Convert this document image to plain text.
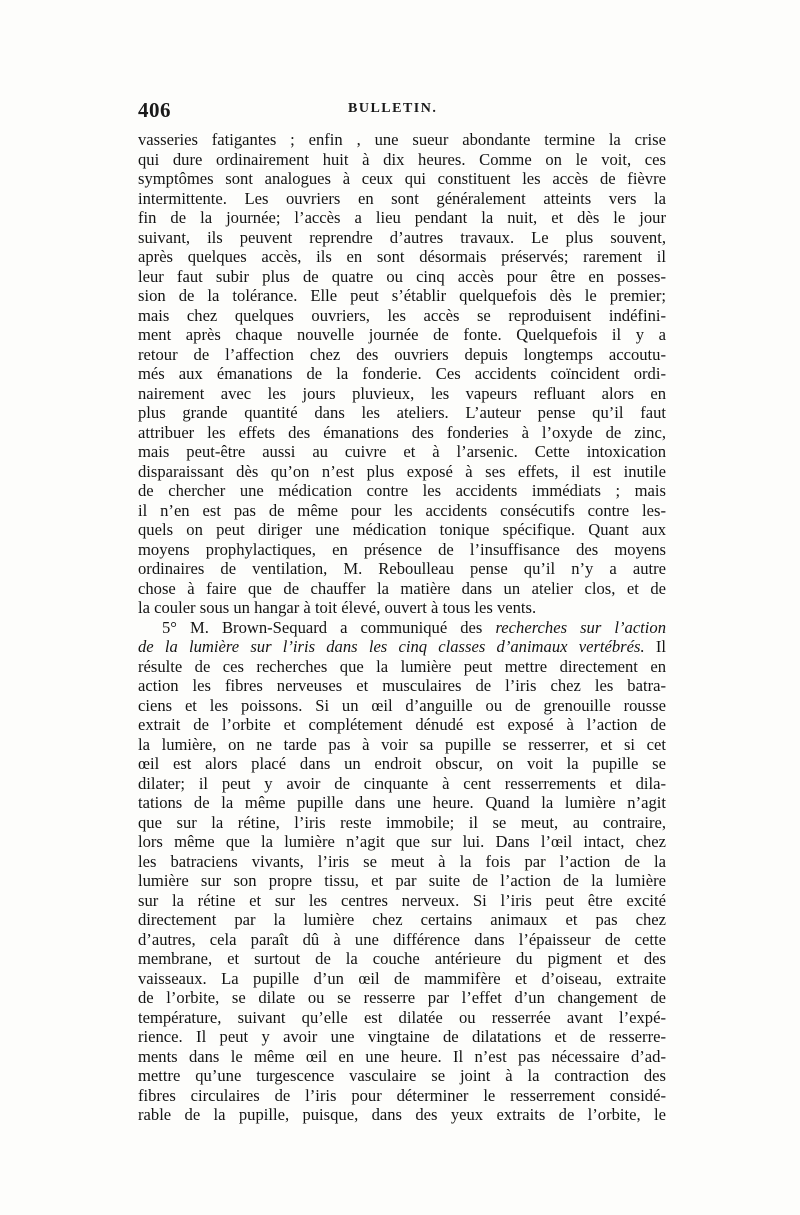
406	BULLETIN.
vasseries fatigantes ; enfin , une sueur abondante termine la crise
qui dure ordinairement huit à dix heures. Comme on le voit, ces
symptômes sont analogues à ceux qui constituent les accès de fièvre
intermittente. Les ouvriers en sont généralement atteints vers la
fin de la journée; l’accès a lieu pendant la nuit, et dès le jour
suivant, ils peuvent reprendre d’autres travaux. Le plus souvent,
après quelques accès, ils en sont désormais préservés; rarement il
leur faut subir plus de quatre ou cinq accès pour être en posses-
sion de la tolérance. Elle peut s’établir quelquefois dès le premier;
mais chez quelques ouvriers, les accès se reproduisent indéfini-
ment après chaque nouvelle journée de fonte. Quelquefois il y a
retour de l’affection chez des ouvriers depuis longtemps accoutu-
més aux émanations de la fonderie. Ces accidents coïncident ordi-
nairement avec les jours pluvieux, les vapeurs refluant alors en
plus grande quantité dans les ateliers. L’auteur pense qu’il faut
attribuer les effets des émanations des fonderies à l’oxyde de zinc,
mais peut-être aussi au cuivre et à l’arsenic. Cette intoxication
disparaissant dès qu’on n’est plus exposé à ses effets, il est inutile
de chercher une médication contre les accidents immédiats ; mais
il n’en est pas de même pour les accidents consécutifs contre les-
quels on peut diriger une médication tonique spécifique. Quant aux
moyens prophylactiques, en présence de l’insuffisance des moyens
ordinaires de ventilation, M. Reboulleau pense qu’il n’y a autre
chose à faire que de chauffer la matière dans un atelier clos, et de
la couler sous un hangar à toit élevé, ouvert à tous les vents.
5° M. Brown-Sequard a communiqué des recherches sur l’action
de la lumière sur l’iris dans les cinq classes d’animaux vertébrés. Il
résulte de ces recherches que la lumière peut mettre directement en
action les fibres nerveuses et musculaires de l’iris chez les batra-
ciens et les poissons. Si un œil d’anguille ou de grenouille rousse
extrait de l’orbite et complétement dénudé est exposé à l’action de
la lumière, on ne tarde pas à voir sa pupille se resserrer, et si cet
œil est alors placé dans un endroit obscur, on voit la pupille se
dilater; il peut y avoir de cinquante à cent resserrements et dila-
tations de la même pupille dans une heure. Quand la lumière n’agit
que sur la rétine, l’iris reste immobile; il se meut, au contraire,
lors même que la lumière n’agit que sur lui. Dans l’œil intact, chez
les batraciens vivants, l’iris se meut à la fois par l’action de la
lumière sur son propre tissu, et par suite de l’action de la lumière
sur la rétine et sur les centres nerveux. Si l’iris peut être excité
directement par la lumière chez certains animaux et pas chez
d’autres, cela paraît dû à une différence dans l’épaisseur de cette
membrane, et surtout de la couche antérieure du pigment et des
vaisseaux. La pupille d’un œil de mammifère et d’oiseau, extraite
de l’orbite, se dilate ou se resserre par l’effet d’un changement de
température, suivant qu’elle est dilatée ou resserrée avant l’expé-
rience. Il peut y avoir une vingtaine de dilatations et de resserre-
ments dans le même œil en une heure. Il n’est pas nécessaire d’ad-
mettre qu’une turgescence vasculaire se joint à la contraction des
fibres circulaires de l’iris pour déterminer le resserrement considé-
rable de la pupille, puisque, dans des yeux extraits de l’orbite, le
